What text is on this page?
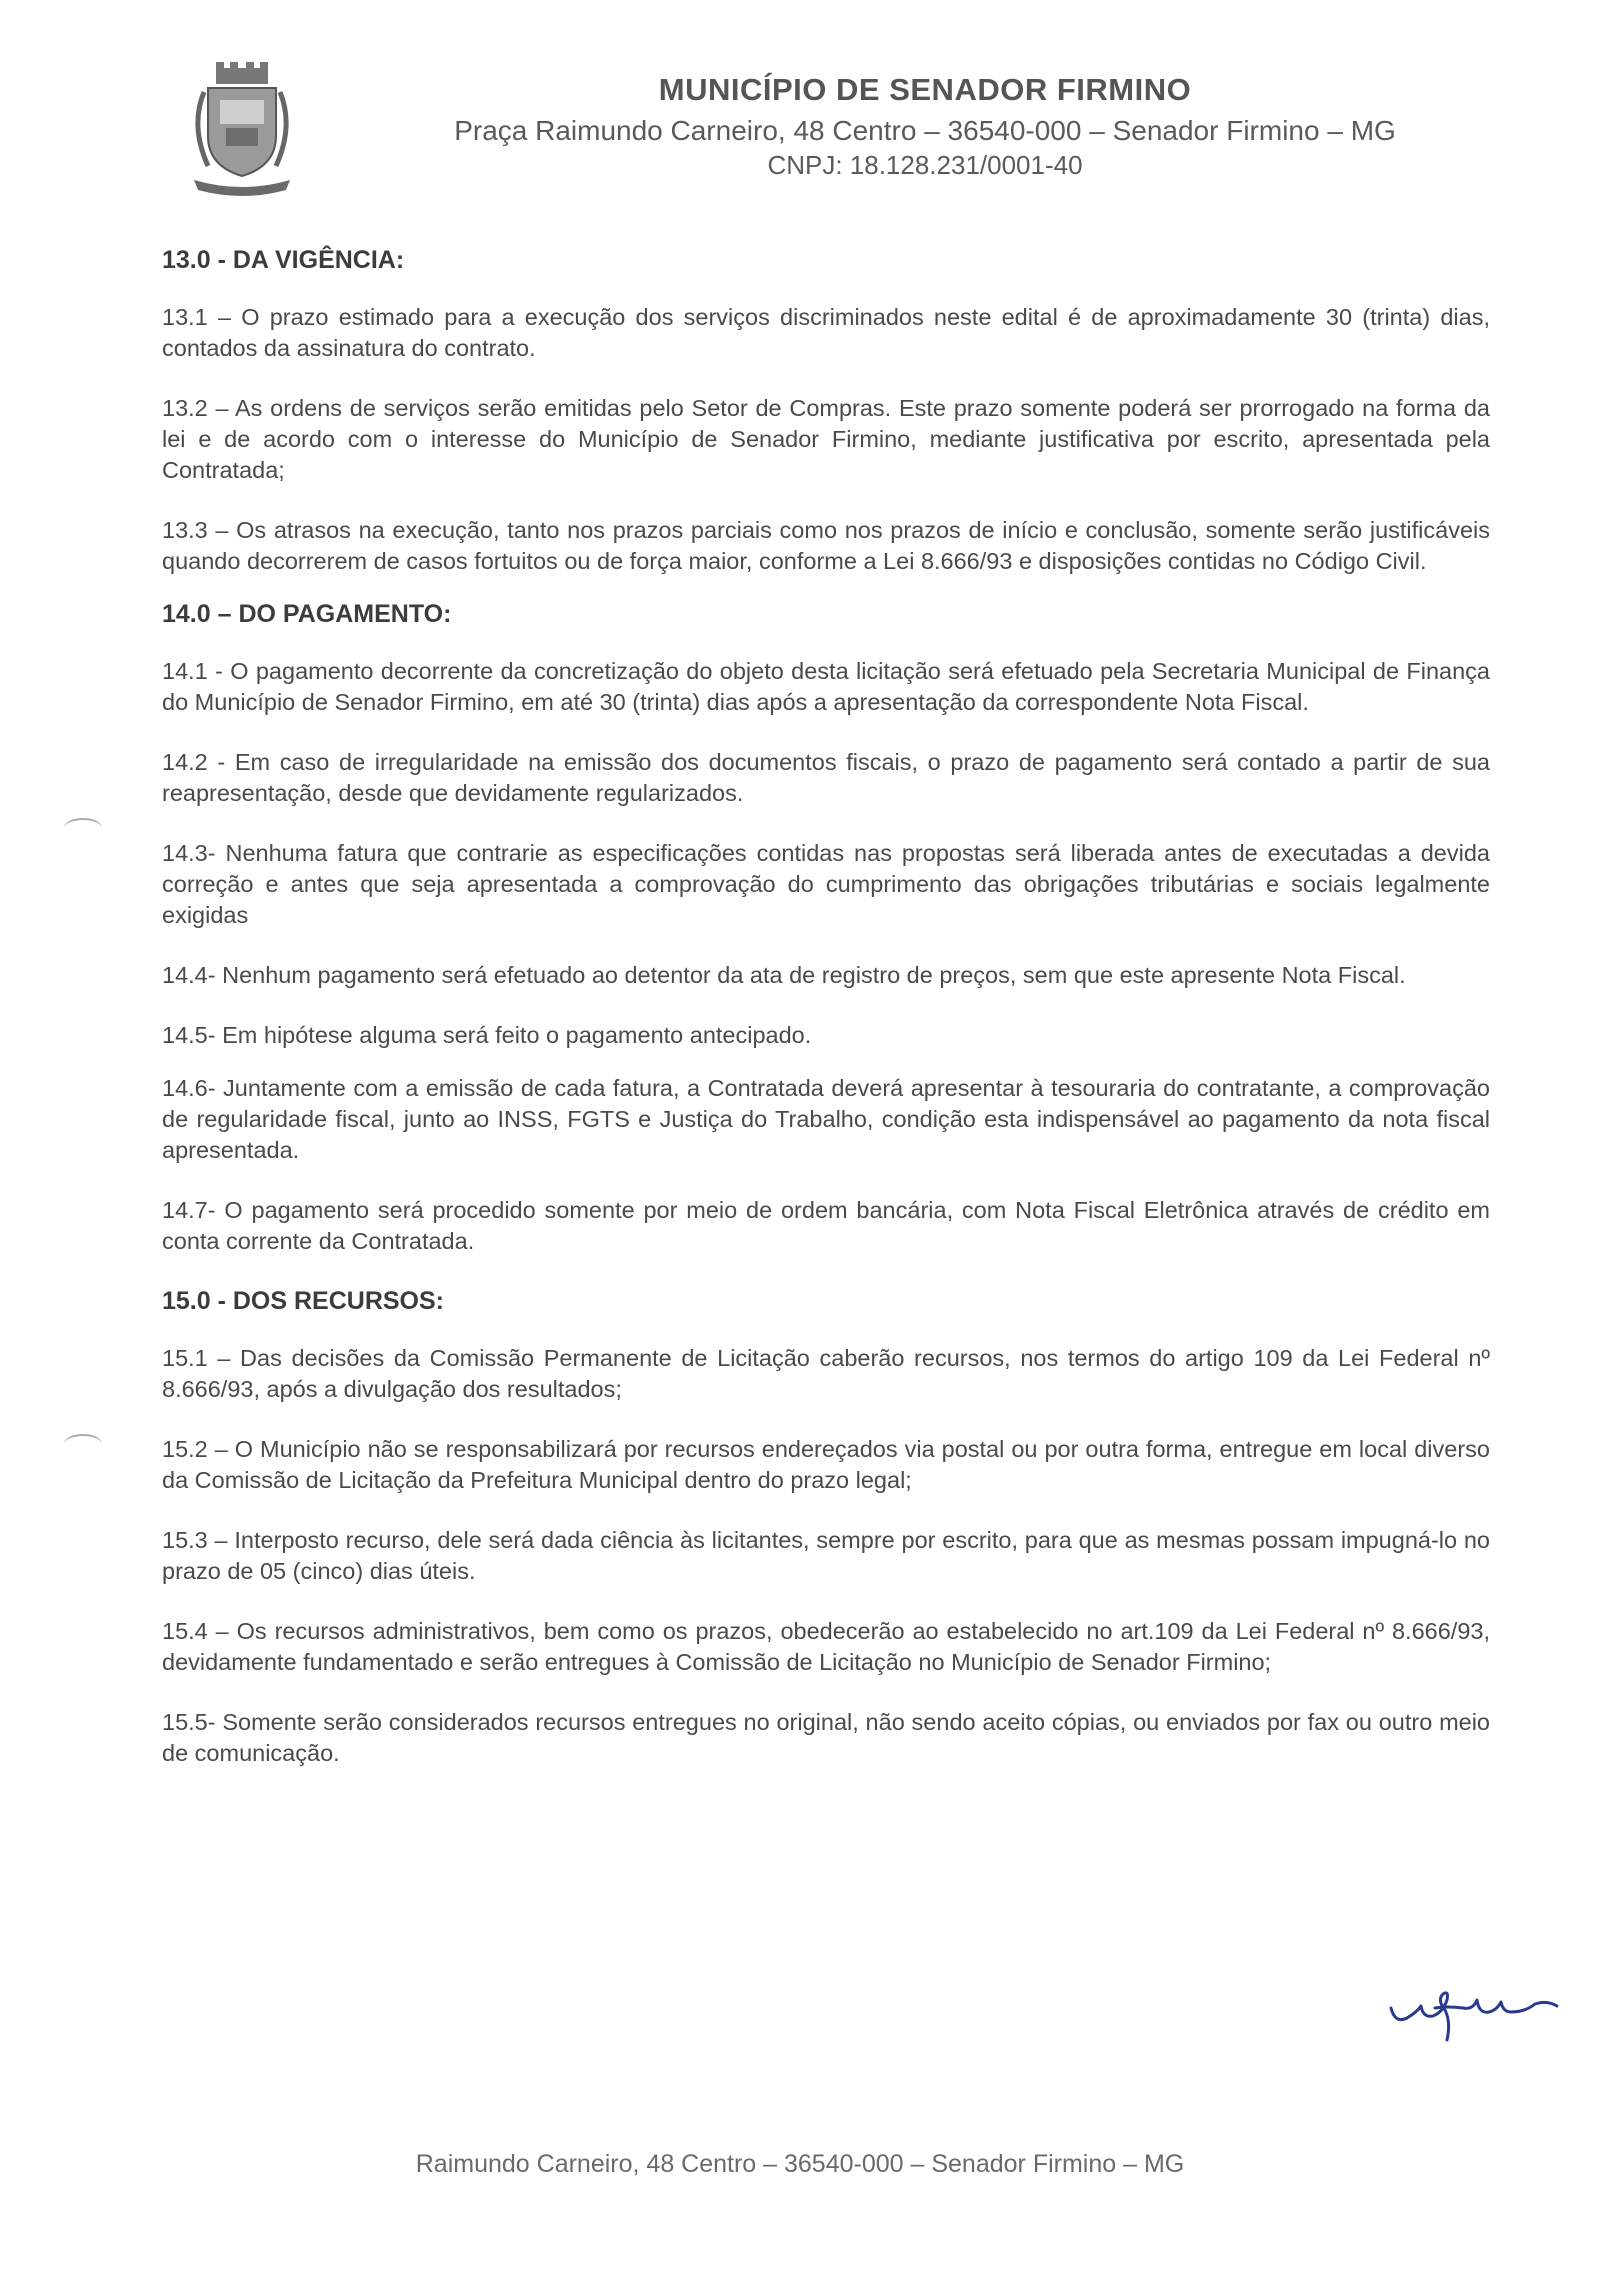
MUNICÍPIO DE SENADOR FIRMINO
Praça Raimundo Carneiro, 48 Centro – 36540-000 – Senador Firmino – MG
CNPJ: 18.128.231/0001-40
13.0 - DA VIGÊNCIA:
13.1 – O prazo estimado para a execução dos serviços discriminados neste edital é de aproximadamente 30 (trinta) dias, contados da assinatura do contrato.
13.2 – As ordens de serviços serão emitidas pelo Setor de Compras. Este prazo somente poderá ser prorrogado na forma da lei e de acordo com o interesse do Município de Senador Firmino, mediante justificativa por escrito, apresentada pela Contratada;
13.3 – Os atrasos na execução, tanto nos prazos parciais como nos prazos de início e conclusão, somente serão justificáveis quando decorrerem de casos fortuitos ou de força maior, conforme a Lei 8.666/93 e disposições contidas no Código Civil.
14.0 – DO PAGAMENTO:
14.1 - O pagamento decorrente da concretização do objeto desta licitação será efetuado pela Secretaria Municipal de Finança do Município de Senador Firmino, em até 30 (trinta) dias após a apresentação da correspondente Nota Fiscal.
14.2 - Em caso de irregularidade na emissão dos documentos fiscais, o prazo de pagamento será contado a partir de sua reapresentação, desde que devidamente regularizados.
14.3- Nenhuma fatura que contrarie as especificações contidas nas propostas será liberada antes de executadas a devida correção e antes que seja apresentada a comprovação do cumprimento das obrigações tributárias e sociais legalmente exigidas
14.4- Nenhum pagamento será efetuado ao detentor da ata de registro de preços, sem que este apresente Nota Fiscal.
14.5- Em hipótese alguma será feito o pagamento antecipado.
14.6- Juntamente com a emissão de cada fatura, a Contratada deverá apresentar à tesouraria do contratante, a comprovação de regularidade fiscal, junto ao INSS, FGTS e Justiça do Trabalho, condição esta indispensável ao pagamento da nota fiscal apresentada.
14.7- O pagamento será procedido somente por meio de ordem bancária, com Nota Fiscal Eletrônica através de crédito em conta corrente da Contratada.
15.0 - DOS RECURSOS:
15.1 – Das decisões da Comissão Permanente de Licitação caberão recursos, nos termos do artigo 109 da Lei Federal nº 8.666/93, após a divulgação dos resultados;
15.2 – O Município não se responsabilizará por recursos endereçados via postal ou por outra forma, entregue em local diverso da Comissão de Licitação da Prefeitura Municipal dentro do prazo legal;
15.3 – Interposto recurso, dele será dada ciência às licitantes, sempre por escrito, para que as mesmas possam impugná-lo no prazo de 05 (cinco) dias úteis.
15.4 – Os recursos administrativos, bem como os prazos, obedecerão ao estabelecido no art.109 da Lei Federal nº 8.666/93, devidamente fundamentado e serão entregues à Comissão de Licitação no Município de Senador Firmino;
15.5- Somente serão considerados recursos entregues no original, não sendo aceito cópias, ou enviados por fax ou outro meio de comunicação.
Raimundo Carneiro, 48 Centro – 36540-000 – Senador Firmino – MG
